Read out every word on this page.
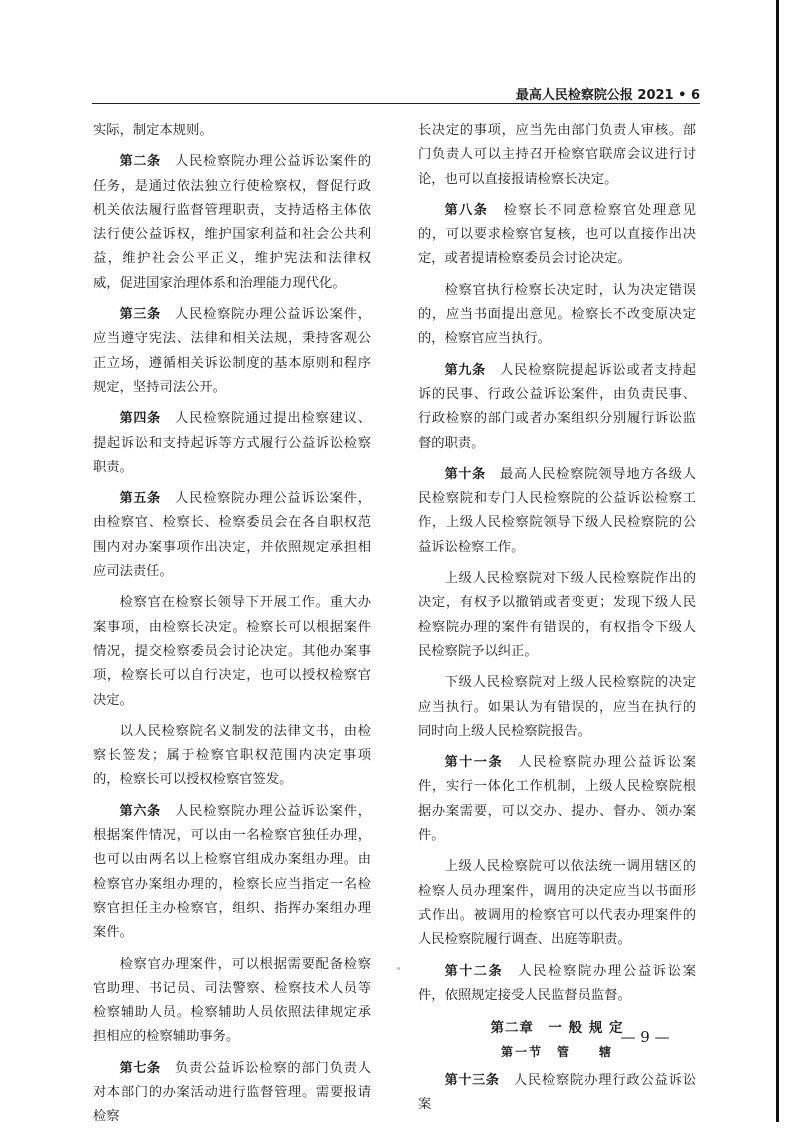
最高人民检察院公报 2021 • 6

实际，制定本规则。

第二条　 人民检察院办理公益诉讼案件的任务，是通过依法独立行使检察权，督促行政机关依法履行监督管理职责，支持适格主体依法行使公益诉权，维护国家利益和社会公共利益，维护社会公平正义，维护宪法和法律权威，促进国家治理体系和治理能力现代化。

第三条　 人民检察院办理公益诉讼案件，应当遵守宪法、法律和相关法规，秉持客观公正立场，遵循相关诉讼制度的基本原则和程序规定，坚持司法公开。

第四条　 人民检察院通过提出检察建议、提起诉讼和支持起诉等方式履行公益诉讼检察职责。

第五条　 人民检察院办理公益诉讼案件，由检察官、检察长、检察委员会在各自职权范围内对办案事项作出决定，并依照规定承担相应司法责任。

检察官在检察长领导下开展工作。重大办案事项，由检察长决定。检察长可以根据案件情况，提交检察委员会讨论决定。其他办案事项，检察长可以自行决定，也可以授权检察官决定。

以人民检察院名义制发的法律文书，由检察长签发；属于检察官职权范围内决定事项的，检察长可以授权检察官签发。

第六条　 人民检察院办理公益诉讼案件，根据案件情况，可以由一名检察官独任办理，也可以由两名以上检察官组成办案组办理。由检察官办案组办理的，检察长应当指定一名检察官担任主办检察官，组织、指挥办案组办理案件。

检察官办理案件，可以根据需要配备检察官助理、书记员、司法警察、检察技术人员等检察辅助人员。检察辅助人员依照法律规定承担相应的检察辅助事务。

第七条　 负责公益诉讼检察的部门负责人对本部门的办案活动进行监督管理。需要报请检察

长决定的事项，应当先由部门负责人审核。部门负责人可以主持召开检察官联席会议进行讨论，也可以直接报请检察长决定。

第八条　 检察长不同意检察官处理意见的，可以要求检察官复核，也可以直接作出决定，或者提请检察委员会讨论决定。

检察官执行检察长决定时，认为决定错误的，应当书面提出意见。检察长不改变原决定的，检察官应当执行。

第九条　 人民检察院提起诉讼或者支持起诉的民事、行政公益诉讼案件，由负责民事、行政检察的部门或者办案组织分别履行诉讼监督的职责。

第十条　 最高人民检察院领导地方各级人民检察院和专门人民检察院的公益诉讼检察工作，上级人民检察院领导下级人民检察院的公益诉讼检察工作。

上级人民检察院对下级人民检察院作出的决定，有权予以撤销或者变更；发现下级人民检察院办理的案件有错误的，有权指令下级人民检察院予以纠正。

下级人民检察院对上级人民检察院的决定应当执行。如果认为有错误的，应当在执行的同时向上级人民检察院报告。

第十一条　 人民检察院办理公益诉讼案件，实行一体化工作机制，上级人民检察院根据办案需要，可以交办、提办、督办、领办案件。

上级人民检察院可以依法统一调用辖区的检察人员办理案件，调用的决定应当以书面形式作出。被调用的检察官可以代表办理案件的人民检察院履行调查、出庭等职责。

第十二条　 人民检察院办理公益诉讼案件，依照规定接受人民监督员监督。

第二章　一 般 规 定
第一节　管　　辖

第十三条　 人民检察院办理行政公益诉讼案

— 9 —
